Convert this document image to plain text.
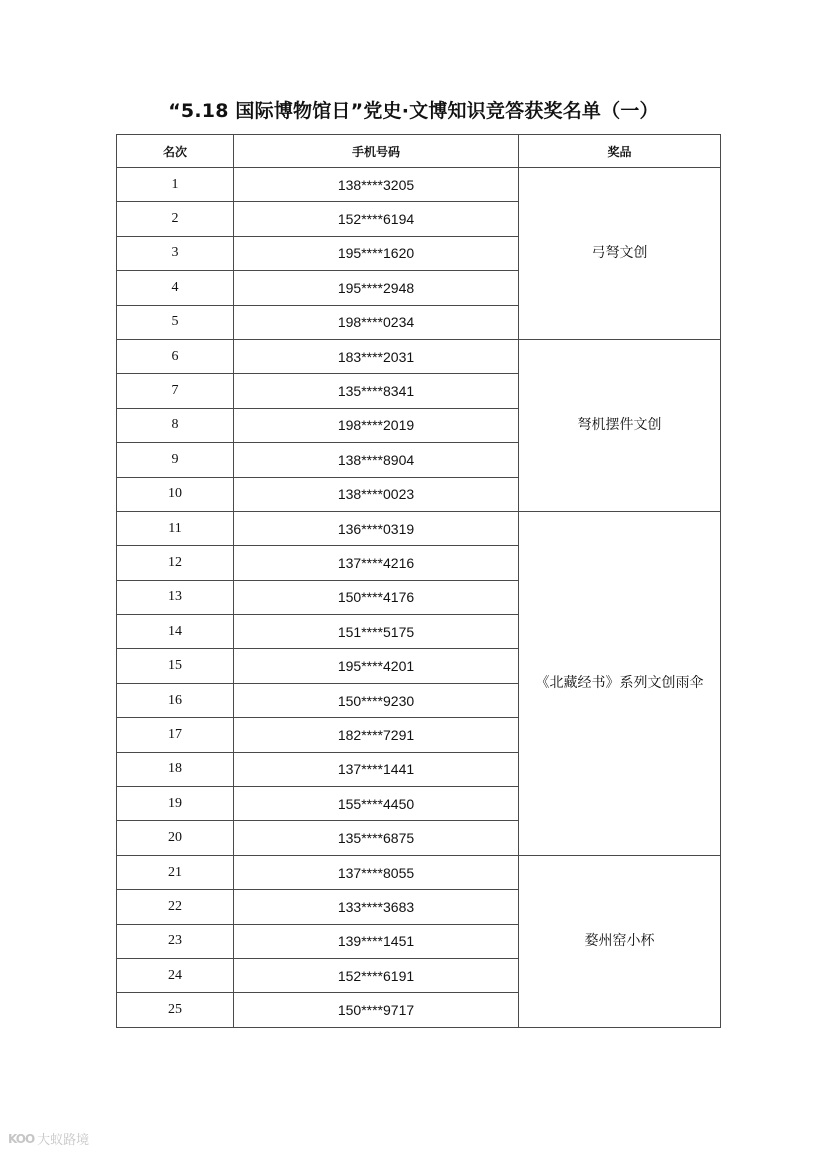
“5.18 国际博物馆日”党史·文博知识竞答获奖名单（一）
名次	手机号码	奖品
1	138****3205	弓弩文创
2	152****6194	
3	195****1620	
4	195****2948	
5	198****0234	
6	183****2031	弩机摆件文创
7	135****8341	
8	198****2019	
9	138****8904	
10	138****0023	
11	136****0319	《北藏经书》系列文创雨伞
12	137****4216	
13	150****4176	
14	151****5175	
15	195****4201	
16	150****9230	
17	182****7291	
18	137****1441	
19	155****4450	
20	135****6875	
21	137****8055	婺州窑小杯
22	133****3683	
23	139****1451	
24	152****6191	
25	150****9717	
KOO 大蚁路境
